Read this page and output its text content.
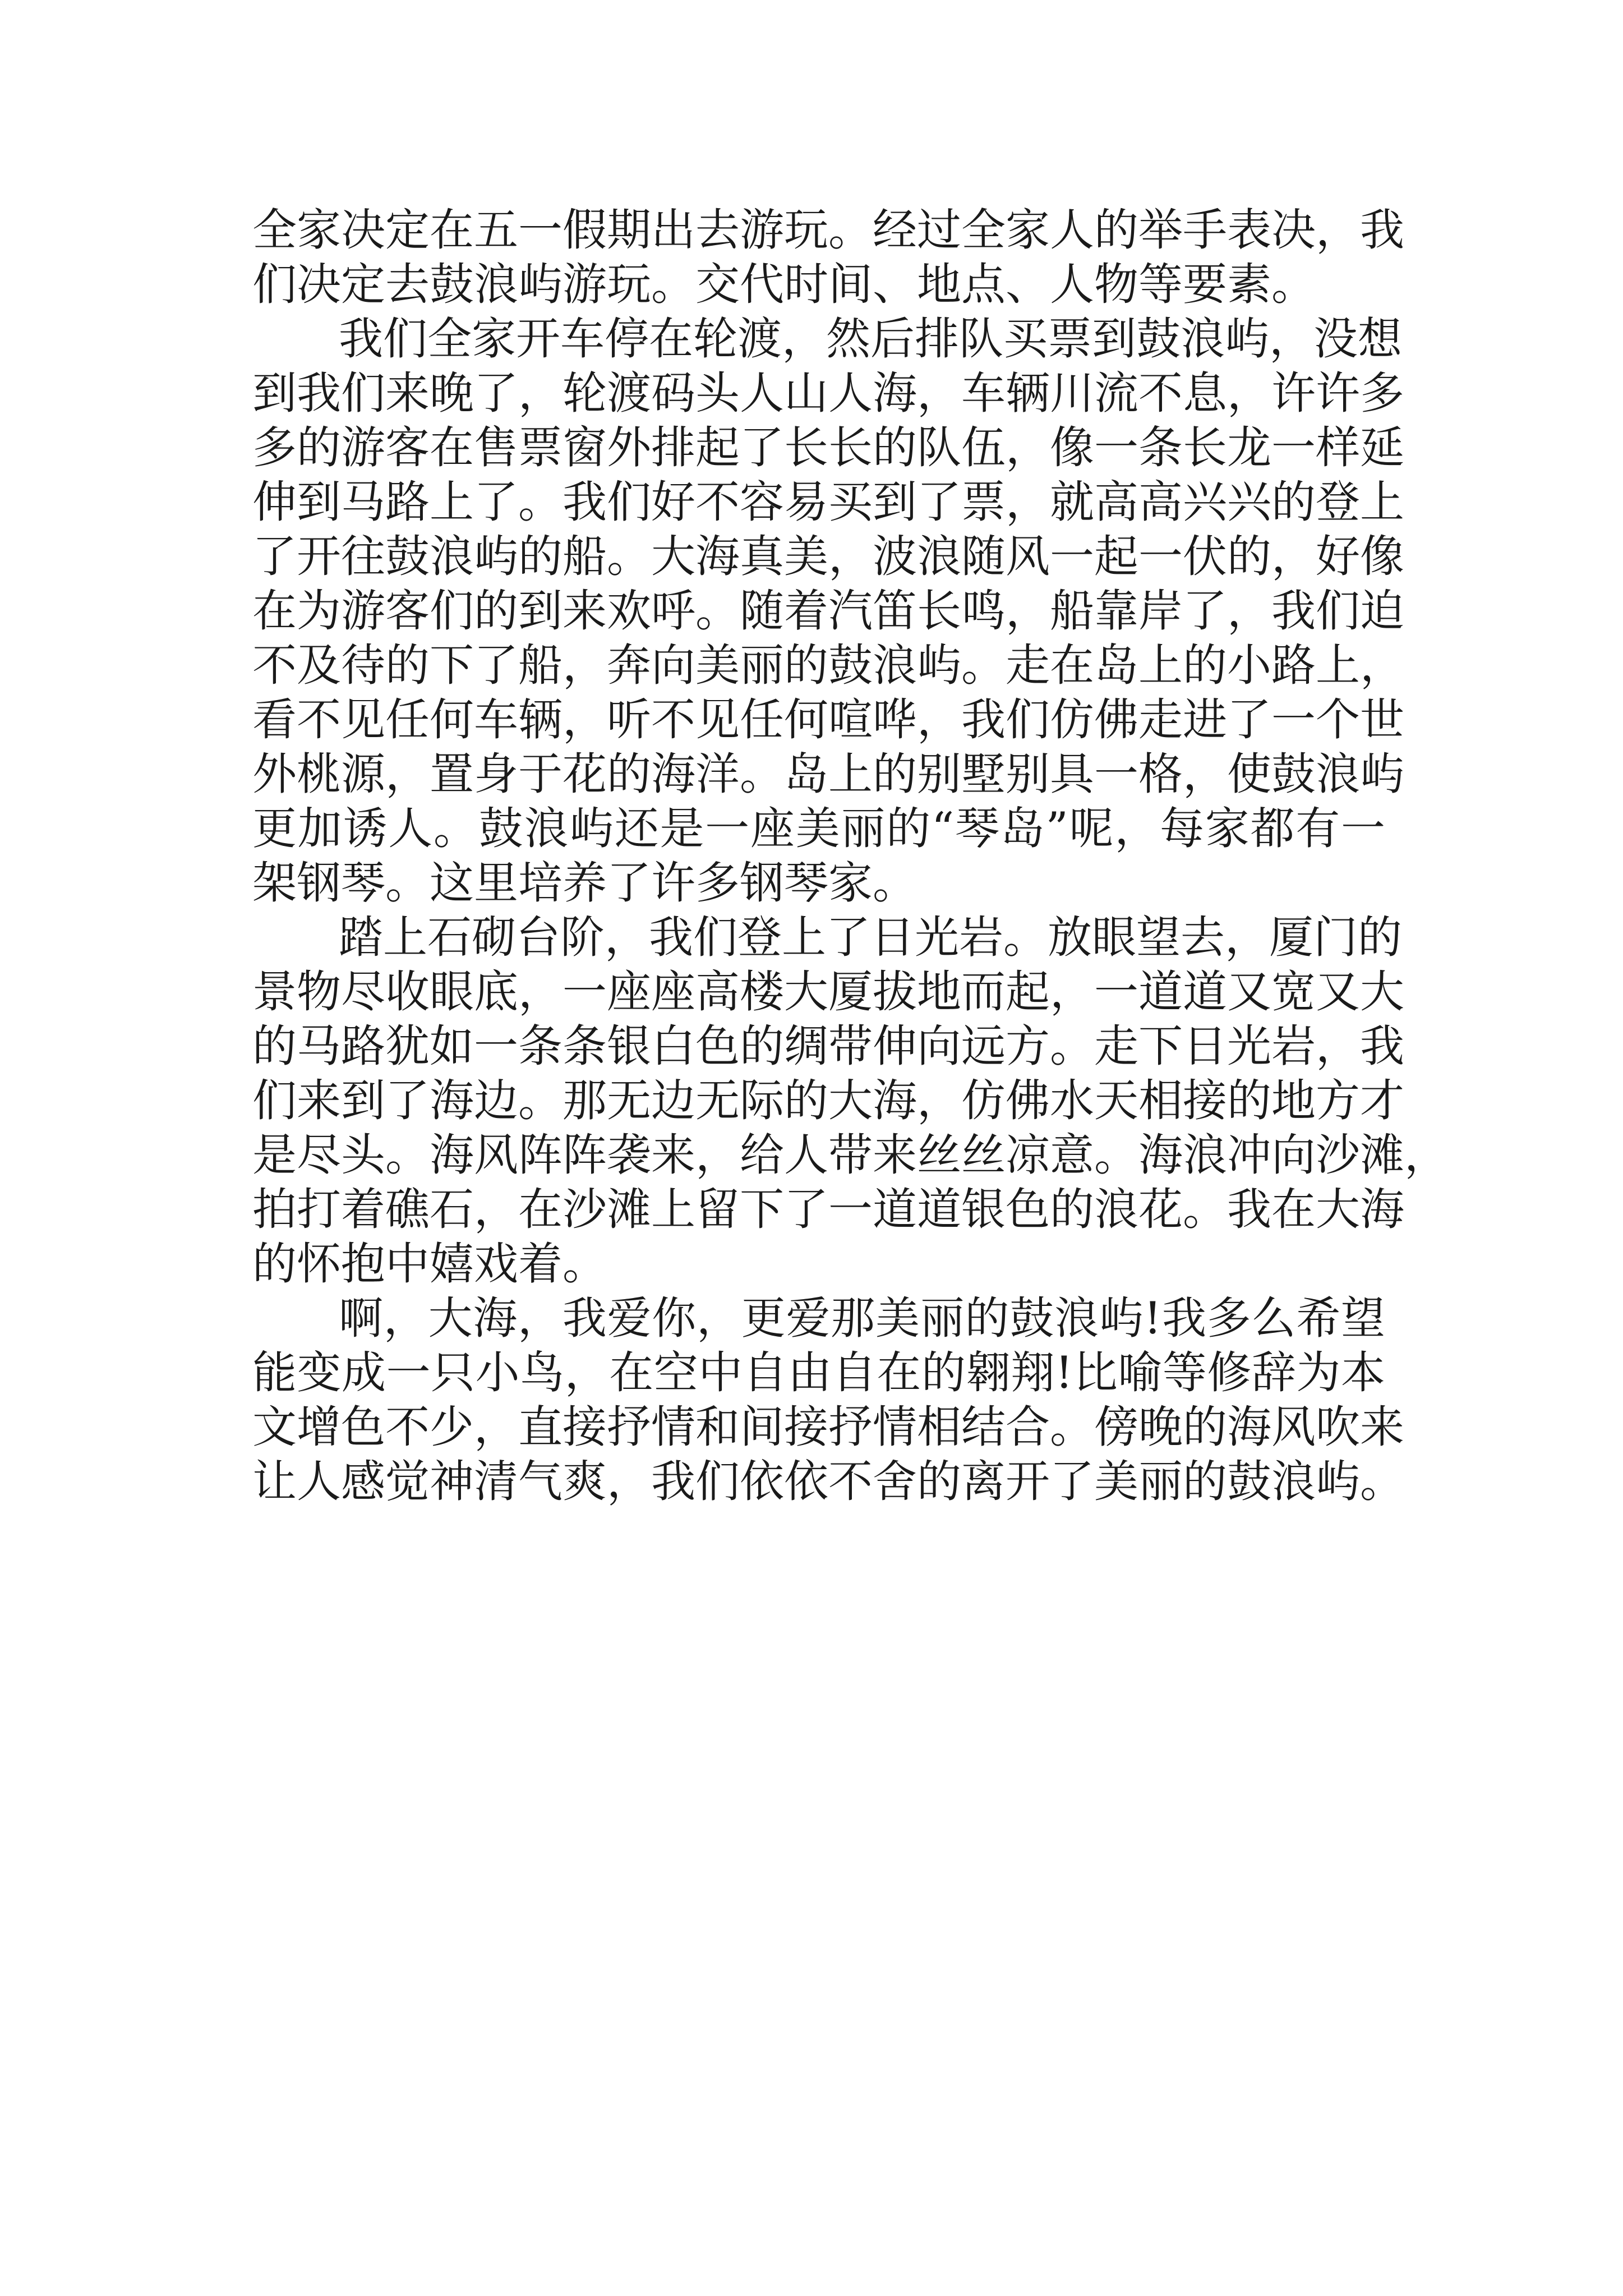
全家决定在五一假期出去游玩。经过全家人的举手表决，我
们决定去鼓浪屿游玩。交代时间、地点、人物等要素。
我们全家开车停在轮渡，然后排队买票到鼓浪屿，没想
到我们来晚了，轮渡码头人山人海，车辆川流不息，许许多
多的游客在售票窗外排起了长长的队伍，像一条长龙一样延
伸到马路上了。我们好不容易买到了票，就高高兴兴的登上
了开往鼓浪屿的船。大海真美，波浪随风一起一伏的，好像
在为游客们的到来欢呼。随着汽笛长鸣，船靠岸了，我们迫
不及待的下了船，奔向美丽的鼓浪屿。走在岛上的小路上，
看不见任何车辆，听不见任何喧哗，我们仿佛走进了一个世
外桃源，置身于花的海洋。岛上的别墅别具一格，使鼓浪屿
更加诱人。鼓浪屿还是一座美丽的“琴岛”呢，每家都有一
架钢琴。这里培养了许多钢琴家。
踏上石砌台阶，我们登上了日光岩。放眼望去，厦门的
景物尽收眼底，一座座高楼大厦拔地而起，一道道又宽又大
的马路犹如一条条银白色的绸带伸向远方。走下日光岩，我
们来到了海边。那无边无际的大海，仿佛水天相接的地方才
是尽头。海风阵阵袭来，给人带来丝丝凉意。海浪冲向沙滩，
拍打着礁石，在沙滩上留下了一道道银色的浪花。我在大海
的怀抱中嬉戏着。
啊，大海，我爱你，更爱那美丽的鼓浪屿!我多么希望
能变成一只小鸟，在空中自由自在的翱翔!比喻等修辞为本
文增色不少，直接抒情和间接抒情相结合。傍晚的海风吹来
让人感觉神清气爽，我们依依不舍的离开了美丽的鼓浪屿。
